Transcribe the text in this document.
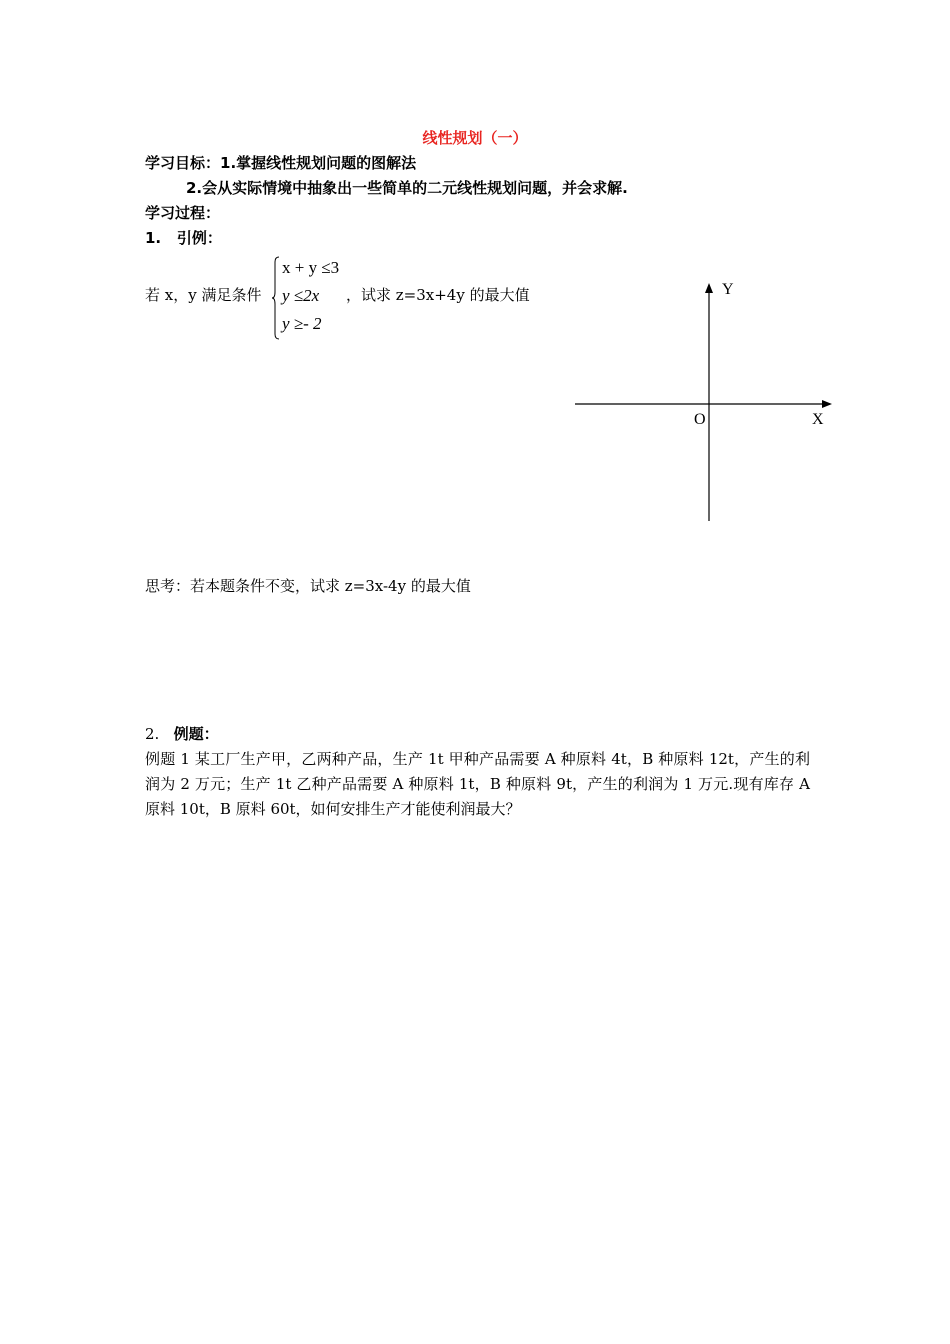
线性规划（一）
学习目标：1.掌握线性规划问题的图解法
2.会从实际情境中抽象出一些简单的二元线性规划问题，并会求解.
学习过程：
1. 引例：
若 x，y 满足条件
x + y ≤3
y ≤2x
y ≥- 2
，试求 z=3x+4y 的最大值	Y
O	X
思考：若本题条件不变，试求 z=3x-4y 的最大值
2. 例题：
例题 1 某工厂生产甲，乙两种产品，生产 1t 甲种产品需要 A 种原料 4t，B 种原料 12t，产生的利润为 2 万元；生产 1t 乙种产品需要 A 种原料 1t，B 种原料 9t，产生的利润为 1 万元.现有库存 A 原料 10t，B 原料 60t，如何安排生产才能使利润最大？
